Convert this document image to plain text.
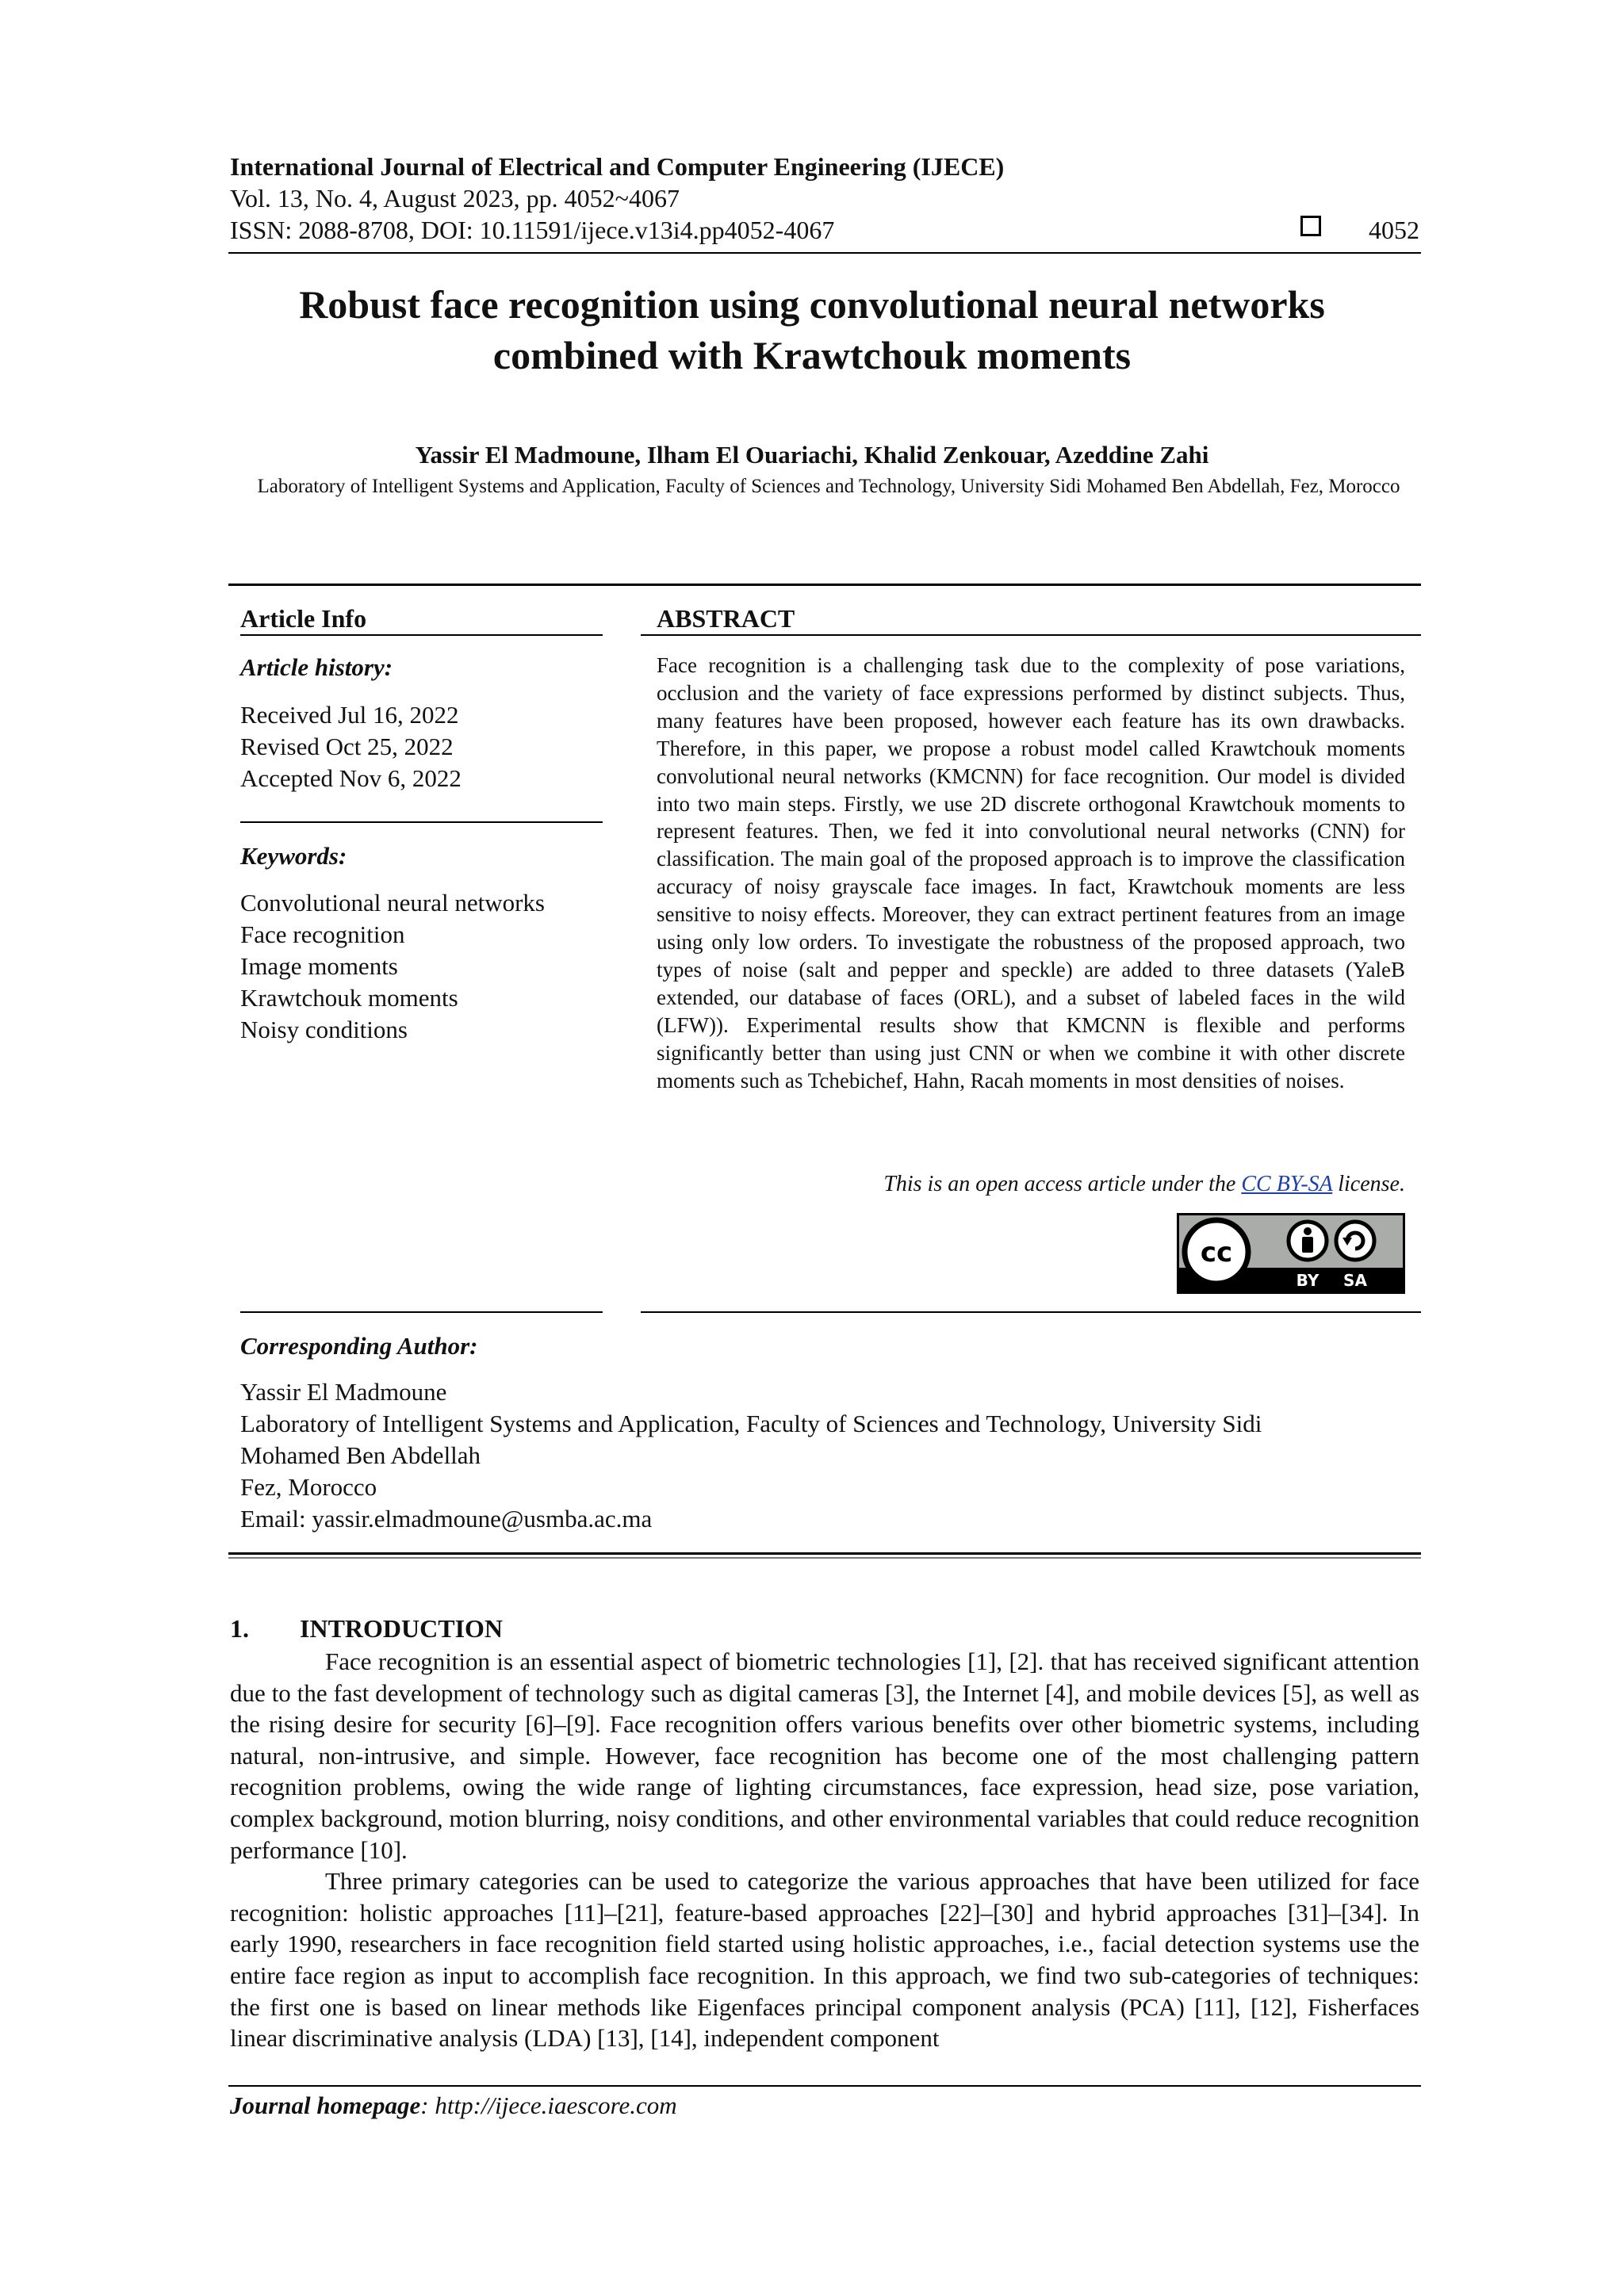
International Journal of Electrical and Computer Engineering (IJECE)
Vol. 13, No. 4, August 2023, pp. 4052~4067
ISSN: 2088-8708, DOI: 10.11591/ijece.v13i4.pp4052-4067	4052
Robust face recognition using convolutional neural networks
combined with Krawtchouk moments
Yassir El Madmoune, Ilham El Ouariachi, Khalid Zenkouar, Azeddine Zahi
Laboratory of Intelligent Systems and Application, Faculty of Sciences and Technology, University Sidi Mohamed Ben Abdellah, Fez, Morocco
Article Info
Article history:
Received Jul 16, 2022
Revised Oct 25, 2022
Accepted Nov 6, 2022
Keywords:
Convolutional neural networks
Face recognition
Image moments
Krawtchouk moments
Noisy conditions
ABSTRACT
Face recognition is a challenging task due to the complexity of pose variations, occlusion and the variety of face expressions performed by distinct subjects. Thus, many features have been proposed, however each feature has its own drawbacks. Therefore, in this paper, we propose a robust model called Krawtchouk moments convolutional neural networks (KMCNN) for face recognition. Our model is divided into two main steps. Firstly, we use 2D discrete orthogonal Krawtchouk moments to represent features. Then, we fed it into convolutional neural networks (CNN) for classification. The main goal of the proposed approach is to improve the classification accuracy of noisy grayscale face images. In fact, Krawtchouk moments are less sensitive to noisy effects. Moreover, they can extract pertinent features from an image using only low orders. To investigate the robustness of the proposed approach, two types of noise (salt and pepper and speckle) are added to three datasets (YaleB extended, our database of faces (ORL), and a subset of labeled faces in the wild (LFW)). Experimental results show that KMCNN is flexible and performs significantly better than using just CNN or when we combine it with other discrete moments such as Tchebichef, Hahn, Racah moments in most densities of noises.
This is an open access article under the CC BY-SA license.
cc
BY SA
Corresponding Author:
Yassir El Madmoune
Laboratory of Intelligent Systems and Application, Faculty of Sciences and Technology, University Sidi
Mohamed Ben Abdellah
Fez, Morocco
Email: yassir.elmadmoune@usmba.ac.ma
1.  INTRODUCTION

Face recognition is an essential aspect of biometric technologies [1], [2]. that has received significant attention due to the fast development of technology such as digital cameras [3], the Internet [4], and mobile devices [5], as well as the rising desire for security [6]–[9]. Face recognition offers various benefits over other biometric systems, including natural, non-intrusive, and simple. However, face recognition has become one of the most challenging pattern recognition problems, owing the wide range of lighting circumstances, face expression, head size, pose variation, complex background, motion blurring, noisy conditions, and other environmental variables that could reduce recognition performance [10].

Three primary categories can be used to categorize the various approaches that have been utilized for face recognition: holistic approaches [11]–[21], feature-based approaches [22]–[30] and hybrid approaches [31]–[34]. In early 1990, researchers in face recognition field started using holistic approaches, i.e., facial detection systems use the entire face region as input to accomplish face recognition. In this approach, we find two sub-categories of techniques: the first one is based on linear methods like Eigenfaces principal component analysis (PCA) [11], [12], Fisherfaces linear discriminative analysis (LDA) [13], [14], independent component

Journal homepage: http://ijece.iaescore.com
